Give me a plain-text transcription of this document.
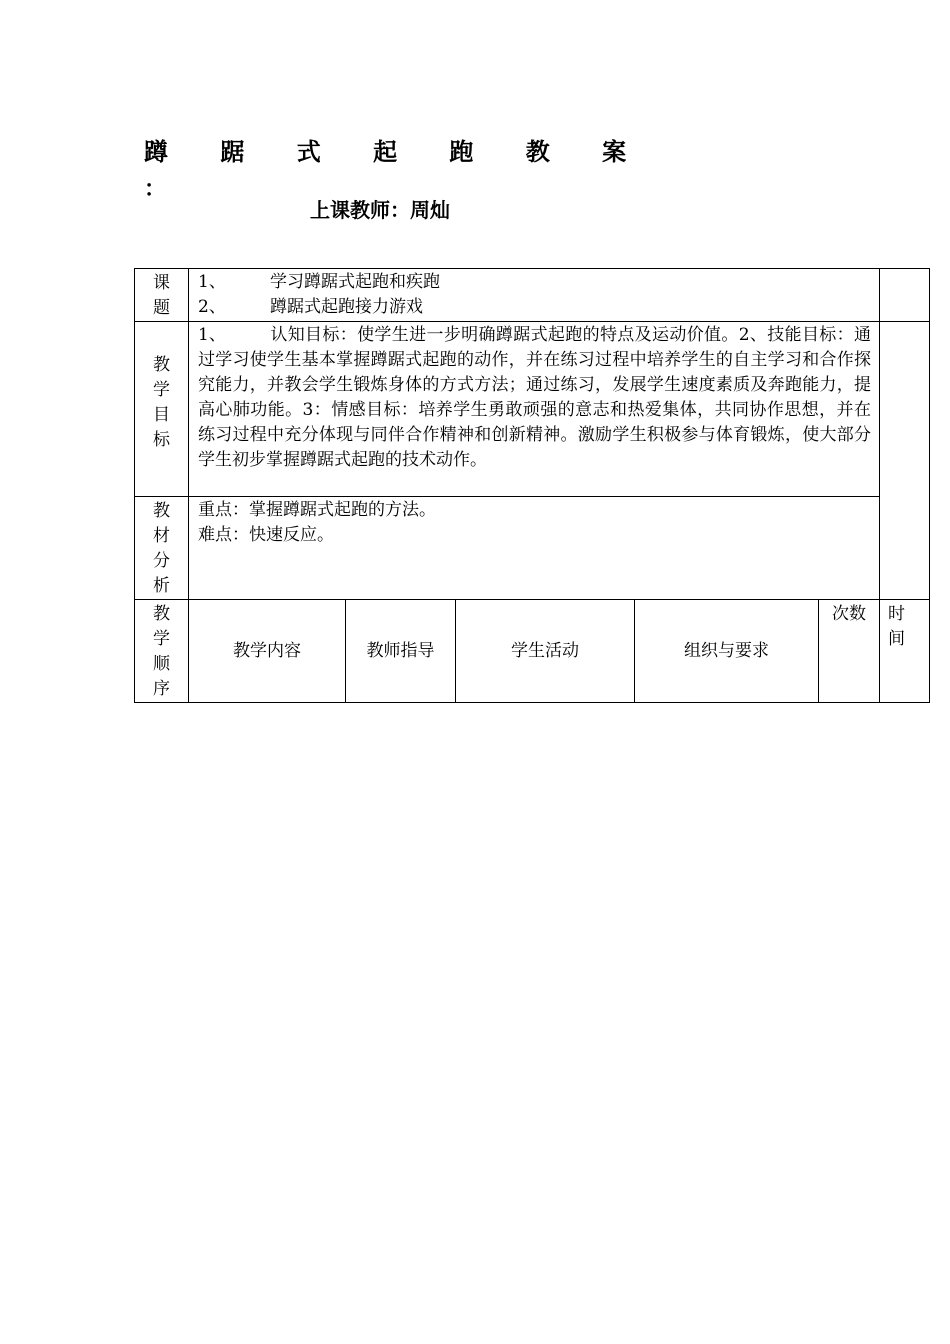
蹲 踞 式 起 跑 教 案
：
上课教师：周灿
课题	1、 学习蹲踞式起跑和疾跑
2、 蹲踞式起跑接力游戏					

教学目标	1、 认知目标：使学生进一步明确蹲踞式起跑的特点及运动价值。2、技能目标：通过学习使学生基本掌握蹲踞式起跑的动作，并在练习过程中培养学生的自主学习和合作探究能力，并教会学生锻炼身体的方式方法；通过练习，发展学生速度素质及奔跑能力，提高心肺功能。3：情感目标：培养学生勇敢顽强的意志和热爱集体，共同协作思想，并在练习过程中充分体现与同伴合作精神和创新精神。激励学生积极参与体育锻炼，使大部分学生初步掌握蹲踞式起跑的技术动作。					

教材分析	重点：掌握蹲踞式起跑的方法。
难点：快速反应。					

教学顺序	教学内容	教师指导	学生活动	组织与要求	次数	时间
